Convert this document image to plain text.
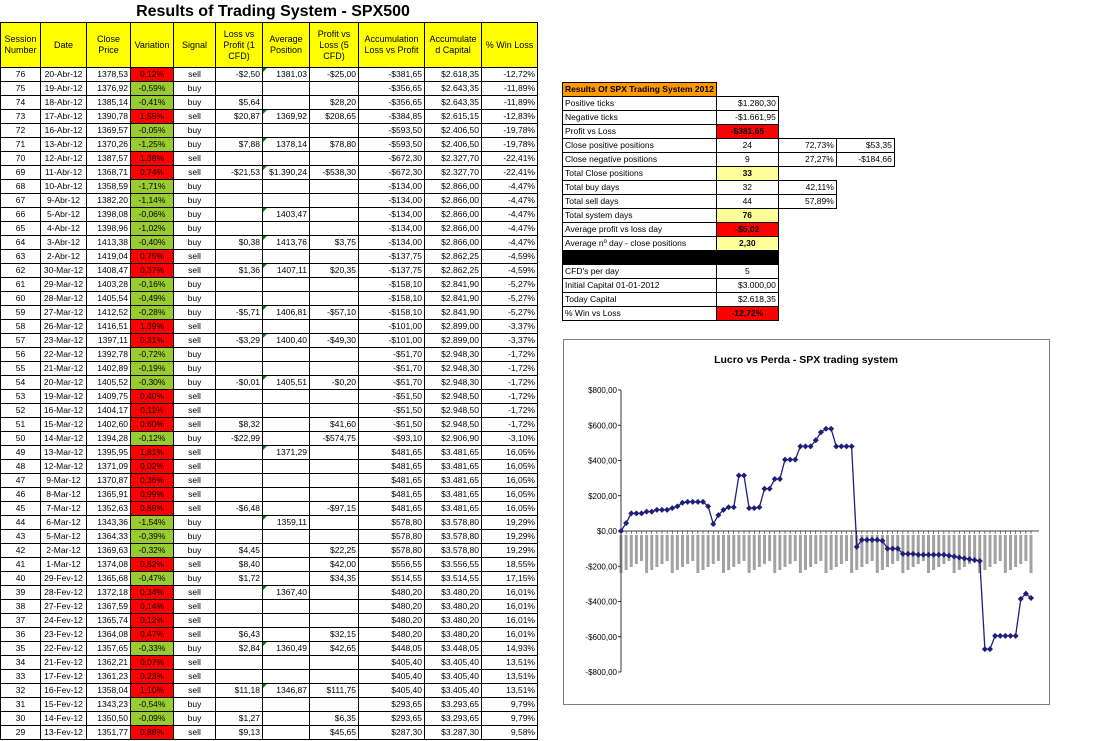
Results of Trading System - SPX500
Session Number	Date	Close Price	Variation	Signal	Loss vs Profit (1 CFD)	Average Position	Profit vs Loss (5 CFD)	Accumulation Loss vs Profit	Accumulate d Capital	% Win Loss
76	20-Abr-12	1378,53	0,12%	sell	-$2,50	1381,03	-$25,00	-$381,65	$2.618,35	-12,72%
75	19-Abr-12	1376,92	-0,59%	buy				-$356,65	$2.643,35	-11,89%
74	18-Abr-12	1385,14	-0,41%	buy	$5,64		$28,20	-$356,65	$2.643,35	-11,89%
73	17-Abr-12	1390,78	1,55%	sell	$20,87	1369,92	$208,65	-$384,85	$2.615,15	-12,83%
72	16-Abr-12	1369,57	-0,05%	buy				-$593,50	$2.406,50	-19,78%
71	13-Abr-12	1370,26	-1,25%	buy	$7,88	1378,14	$78,80	-$593,50	$2.406,50	-19,78%
70	12-Abr-12	1387,57	1,38%	sell				-$672,30	$2.327,70	-22,41%
69	11-Abr-12	1368,71	0,74%	sell	-$21,53	$1.390,24	-$538,30	-$672,30	$2.327,70	-22,41%
68	10-Abr-12	1358,59	-1,71%	buy				-$134,00	$2.866,00	-4,47%
67	9-Abr-12	1382,20	-1,14%	buy				-$134,00	$2.866,00	-4,47%
66	5-Abr-12	1398,08	-0,06%	buy		1403,47		-$134,00	$2.866,00	-4,47%
65	4-Abr-12	1398,96	-1,02%	buy				-$134,00	$2.866,00	-4,47%
64	3-Abr-12	1413,38	-0,40%	buy	$0,38	1413,76	$3,75	-$134,00	$2.866,00	-4,47%
63	2-Abr-12	1419,04	0,75%	sell				-$137,75	$2.862,25	-4,59%
62	30-Mar-12	1408,47	0,37%	sell	$1,36	1407,11	$20,35	-$137,75	$2.862,25	-4,59%
61	29-Mar-12	1403,28	-0,16%	buy				-$158,10	$2.841,90	-5,27%
60	28-Mar-12	1405,54	-0,49%	buy				-$158,10	$2.841,90	-5,27%
59	27-Mar-12	1412,52	-0,28%	buy	-$5,71	1406,81	-$57,10	-$158,10	$2.841,90	-5,27%
58	26-Mar-12	1416,51	1,39%	sell				-$101,00	$2.899,00	-3,37%
57	23-Mar-12	1397,11	0,31%	sell	-$3,29	1400,40	-$49,30	-$101,00	$2.899,00	-3,37%
56	22-Mar-12	1392,78	-0,72%	buy				-$51,70	$2.948,30	-1,72%
55	21-Mar-12	1402,89	-0,19%	buy				-$51,70	$2.948,30	-1,72%
54	20-Mar-12	1405,52	-0,30%	buy	-$0,01	1405,51	-$0,20	-$51,70	$2.948,30	-1,72%
53	19-Mar-12	1409,75	0,40%	sell				-$51,50	$2.948,50	-1,72%
52	16-Mar-12	1404,17	0,11%	sell				-$51,50	$2.948,50	-1,72%
51	15-Mar-12	1402,60	0,60%	sell	$8,32		$41,60	-$51,50	$2.948,50	-1,72%
50	14-Mar-12	1394,28	-0,12%	buy	-$22,99		-$574,75	-$93,10	$2.906,90	-3,10%
49	13-Mar-12	1395,95	1,81%	sell		1371,29		$481,65	$3.481,65	16,05%
48	12-Mar-12	1371,09	0,02%	sell				$481,65	$3.481,65	16,05%
47	9-Mar-12	1370,87	0,36%	sell				$481,65	$3.481,65	16,05%
46	8-Mar-12	1365,91	0,99%	sell				$481,65	$3.481,65	16,05%
45	7-Mar-12	1352,63	0,69%	sell	-$6,48		-$97,15	$481,65	$3.481,65	16,05%
44	6-Mar-12	1343,36	-1,54%	buy		1359,11		$578,80	$3.578,80	19,29%
43	5-Mar-12	1364,33	-0,39%	buy				$578,80	$3.578,80	19,29%
42	2-Mar-12	1369,63	-0,32%	buy	$4,45		$22,25	$578,80	$3.578,80	19,29%
41	1-Mar-12	1374,08	0,62%	sell	$8,40		$42,00	$556,55	$3.556,55	18,55%
40	29-Fev-12	1365,68	-0,47%	buy	$1,72		$34,35	$514,55	$3.514,55	17,15%
39	28-Fev-12	1372,18	0,34%	sell		1367,40		$480,20	$3.480,20	16,01%
38	27-Fev-12	1367,59	0,14%	sell				$480,20	$3.480,20	16,01%
37	24-Fev-12	1365,74	0,12%	sell				$480,20	$3.480,20	16,01%
36	23-Fev-12	1364,08	0,47%	sell	$6,43		$32,15	$480,20	$3.480,20	16,01%
35	22-Fev-12	1357,65	-0,33%	buy	$2,84	1360,49	$42,65	$448,05	$3.448,05	14,93%
34	21-Fev-12	1362,21	0,07%	sell				$405,40	$3.405,40	13,51%
33	17-Fev-12	1361,23	0,23%	sell				$405,40	$3.405,40	13,51%
32	16-Fev-12	1358,04	1,10%	sell	$11,18	1346,87	$111,75	$405,40	$3.405,40	13,51%
31	15-Fev-12	1343,23	-0,54%	buy				$293,65	$3.293,65	9,79%
30	14-Fev-12	1350,50	-0,09%	buy	$1,27		$6,35	$293,65	$3.293,65	9,79%
29	13-Fev-12	1351,77	0,88%	sell	$9,13		$45,65	$287,30	$3.287,30	9,58%
Results Of SPX Trading System 2012			
Positive ticks	$1.280,30		
Negative ticks	-$1.661,95		
Profit vs Loss	-$381,65		
Close positive positions	24	72,73%	$53,35
Close negative positions	9	27,27%	-$184,66
Total Close positions	33		
Total buy days	32	42,11%	
Total sell days	44	57,89%	
Total system days	76		
Average profit vs loss day	-$5,02		
Average nº day - close positions	2,30		

CFD's per day	5		
Initial Capital 01-01-2012	$3.000,00		
Today Capital	$2.618,35		
% Win vs Loss	-12,72%		
Lucro vs Perda - SPX trading system
$800,00
$600,00
$400,00
$200,00
$0,00
-$200,00
-$400,00
-$600,00
-$800,00
